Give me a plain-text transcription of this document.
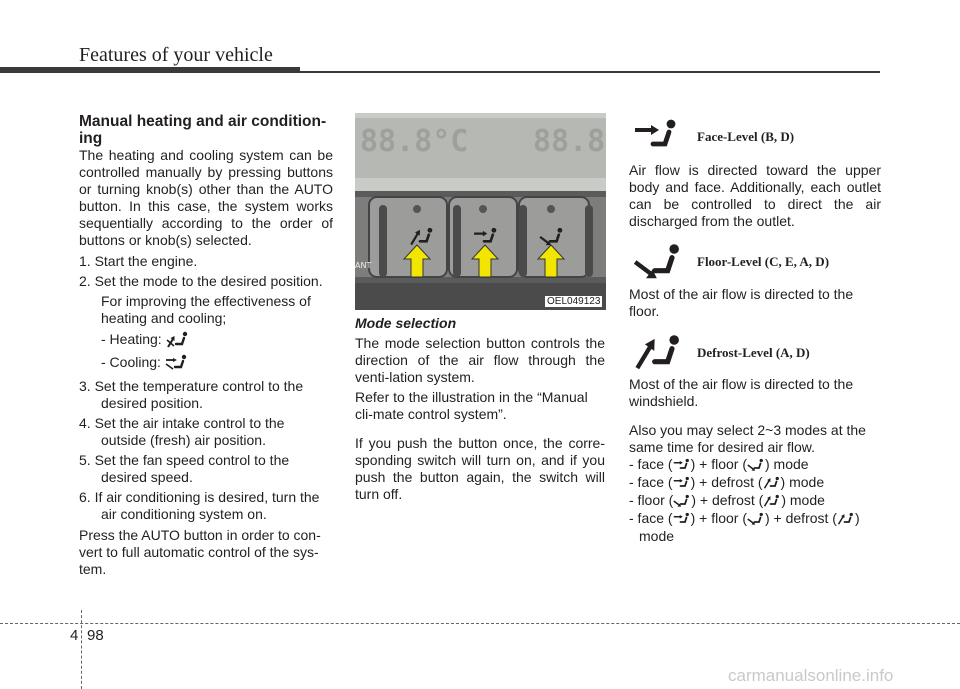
Features of your vehicle

Manual heating and air condition-ing

The heating and cooling system can be controlled manually by pressing buttons or turning knob(s) other than the AUTO button. In this case, the system works sequentially according to the order of buttons or knob(s) selected.

1. Start the engine.

2. Set the mode to the desired position.

For improving the effectiveness of heating and cooling;

- Heating:

- Cooling:

3. Set the temperature control to the desired position.

4. Set the air intake control to the outside (fresh) air position.

5. Set the fan speed control to the desired speed.

6. If air conditioning is desired, turn the air conditioning system on.

Press the AUTO button in order to con-vert to full automatic control of the sys-tem.

88.8°C 88.8
ANT
OEL049123

Mode selection

The mode selection button controls the direction of the air flow through the venti-lation system.

Refer to the illustration in the “Manual cli-mate control system”.

If you push the button once, the corre-sponding switch will turn on, and if you push the button again, the switch will turn off.

Face-Level (B, D)

Air flow is directed toward the upper body and face. Additionally, each outlet can be controlled to direct the air discharged from the outlet.

Floor-Level (C, E, A, D)

Most of the air flow is directed to the floor.

Defrost-Level (A, D)

Most of the air flow is directed to the windshield.

Also you may select 2~3 modes at the same time for desired air flow.

- face ( ) + floor ( ) mode

- face ( ) + defrost ( ) mode

- floor ( ) + defrost ( ) mode

- face ( ) + floor ( ) + defrost ( )

mode

4 98
carmanualsonline.info
